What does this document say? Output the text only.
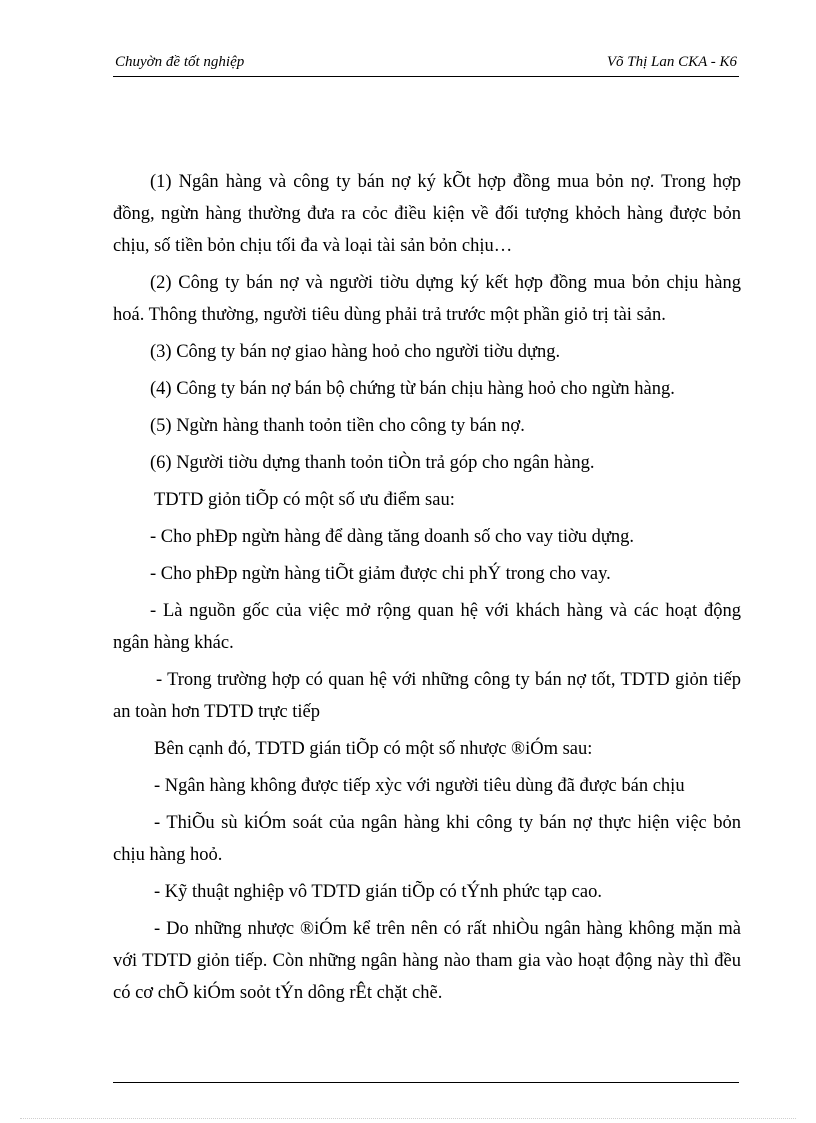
Chuyờn đề tốt nghiệp	Võ Thị Lan CKA - K6

(1) Ngân hàng và công ty bán nợ ký kÕt hợp đồng mua bỏn nợ. Trong hợp đồng, ngừn hàng thường đưa ra cỏc điều kiện về đối tượng khỏch hàng được bỏn chịu, số tiền bỏn chịu tối đa và loại tài sản bỏn chịu…

(2) Công ty bán nợ và người tiờu dựng ký kết hợp đồng mua bỏn chịu hàng hoá. Thông thường, người tiêu dùng phải trả trước một phần giỏ trị tài sản.

(3) Công ty bán nợ giao hàng hoỏ cho người tiờu dựng.

(4) Công ty bán nợ bán bộ chứng từ bán chịu hàng hoỏ cho ngừn hàng.

(5) Ngừn hàng thanh toỏn tiền cho công ty bán nợ.

(6) Người tiờu dựng thanh toỏn tiÒn trả góp cho ngân hàng.

TDTD giỏn tiÕp có một số ưu điểm sau:

- Cho phÐp ngừn hàng để dàng tăng doanh số cho vay tiờu dựng.

- Cho phÐp ngừn hàng tiÕt giảm được chi phÝ trong cho vay.

- Là nguồn gốc của việc mở rộng quan hệ với khách hàng và các hoạt động ngân hàng khác.

- Trong trường hợp có quan hệ với những công ty bán nợ tốt, TDTD giỏn tiếp an toàn hơn TDTD trực tiếp

Bên cạnh đó, TDTD gián tiÕp có một số nhược ®iÓm sau:

- Ngân hàng không được tiếp xỳc với người tiêu dùng đã được bán chịu

- ThiÕu sù kiÓm soát của ngân hàng khi công ty bán nợ thực hiện việc bỏn chịu hàng hoỏ.

- Kỹ thuật nghiệp vô TDTD gián tiÕp có tÝnh phức tạp cao.

- Do những nhược ®iÓm kể trên nên có rất nhiÒu ngân hàng không mặn mà với TDTD giỏn tiếp. Còn những ngân hàng nào tham gia vào hoạt động này thì đều có cơ chÕ kiÓm soỏt tÝn dông rÊt chặt chẽ.
